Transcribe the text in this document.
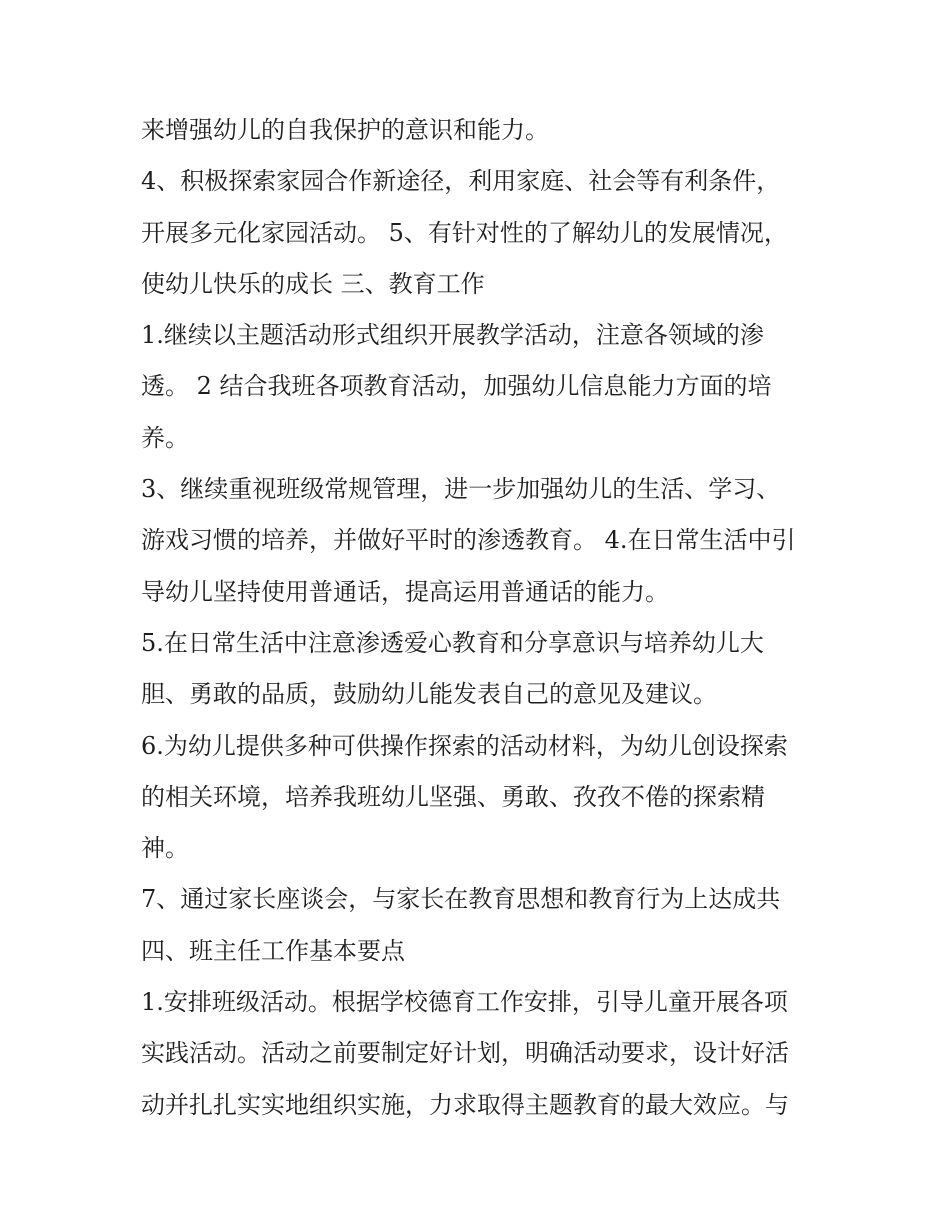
来增强幼儿的自我保护的意识和能力。

4、积极探索家园合作新途径，利用家庭、社会等有利条件，

开展多元化家园活动。 5、有针对性的了解幼儿的发展情况，

使幼儿快乐的成长 三、教育工作

1.继续以主题活动形式组织开展教学活动，注意各领域的渗

透。 2 结合我班各项教育活动，加强幼儿信息能力方面的培

养。

3、继续重视班级常规管理，进一步加强幼儿的生活、学习、

游戏习惯的培养，并做好平时的渗透教育。 4.在日常生活中引

导幼儿坚持使用普通话，提高运用普通话的能力。

5.在日常生活中注意渗透爱心教育和分享意识与培养幼儿大

胆、勇敢的品质，鼓励幼儿能发表自己的意见及建议。

6.为幼儿提供多种可供操作探索的活动材料，为幼儿创设探索

的相关环境，培养我班幼儿坚强、勇敢、孜孜不倦的探索精

神。

7、通过家长座谈会，与家长在教育思想和教育行为上达成共

四、班主任工作基本要点

1.安排班级活动。根据学校德育工作安排，引导儿童开展各项

实践活动。活动之前要制定好计划，明确活动要求，设计好活

动并扎扎实实地组织实施，力求取得主题教育的最大效应。与
